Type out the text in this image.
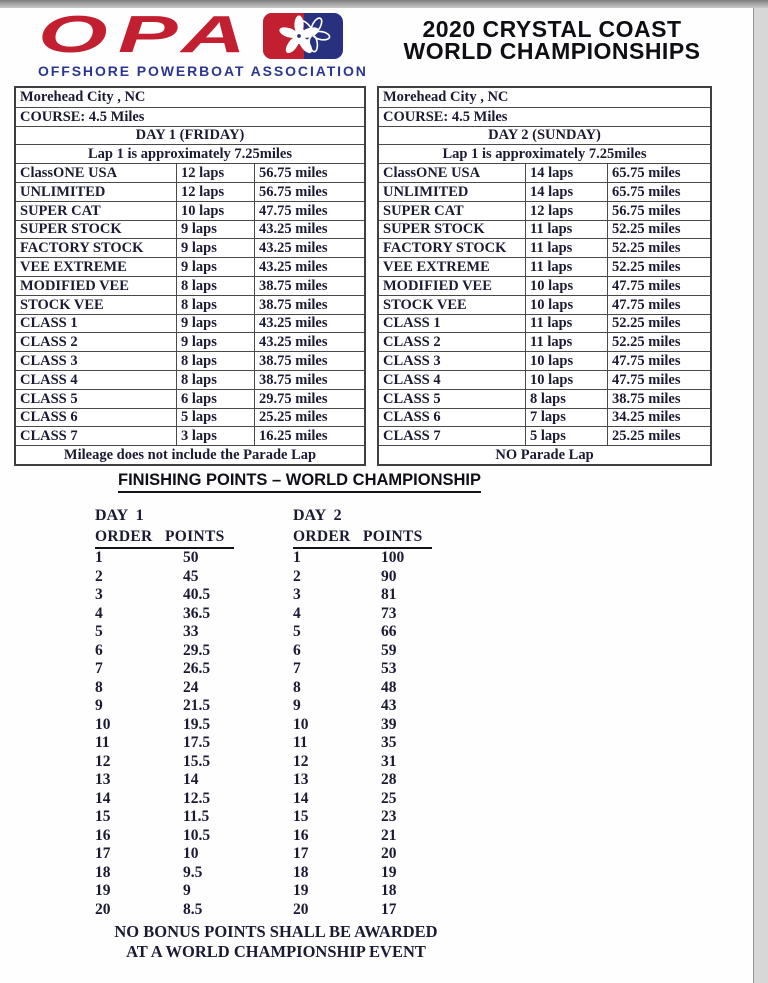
OPA
OFFSHORE POWERBOAT ASSOCIATION
2020 CRYSTAL COAST
WORLD CHAMPIONSHIPS
Morehead City , NC
COURSE: 4.5 Miles
DAY 1 (FRIDAY)
Lap 1 is approximately 7.25miles
ClassONE USA	12 laps	56.75 miles
UNLIMITED	12 laps	56.75 miles
SUPER CAT	10 laps	47.75 miles
SUPER STOCK	9 laps	43.25 miles
FACTORY STOCK	9 laps	43.25 miles
VEE EXTREME	9 laps	43.25 miles
MODIFIED VEE	8 laps	38.75 miles
STOCK VEE	8 laps	38.75 miles
CLASS 1	9 laps	43.25 miles
CLASS 2	9 laps	43.25 miles
CLASS 3	8 laps	38.75 miles
CLASS 4	8 laps	38.75 miles
CLASS 5	6 laps	29.75 miles
CLASS 6	5 laps	25.25 miles
CLASS 7	3 laps	16.25 miles
Mileage does not include the Parade Lap
Morehead City , NC
COURSE: 4.5 Miles
DAY 2 (SUNDAY)
Lap 1 is approximately 7.25miles
ClassONE USA	14 laps	65.75 miles
UNLIMITED	14 laps	65.75 miles
SUPER CAT	12 laps	56.75 miles
SUPER STOCK	11 laps	52.25 miles
FACTORY STOCK	11 laps	52.25 miles
VEE EXTREME	11 laps	52.25 miles
MODIFIED VEE	10 laps	47.75 miles
STOCK VEE	10 laps	47.75 miles
CLASS 1	11 laps	52.25 miles
CLASS 2	11 laps	52.25 miles
CLASS 3	10 laps	47.75 miles
CLASS 4	10 laps	47.75 miles
CLASS 5	8 laps	38.75 miles
CLASS 6	7 laps	34.25 miles
CLASS 7	5 laps	25.25 miles
NO Parade Lap
FINISHING POINTS – WORLD CHAMPIONSHIP
DAY  1
ORDER POINTS
1	50
2	45
3	40.5
4	36.5
5	33
6	29.5
7	26.5
8	24
9	21.5
10	19.5
11	17.5
12	15.5
13	14
14	12.5
15	11.5
16	10.5
17	10
18	9.5
19	9
20	8.5
DAY  2
ORDER POINTS
1	100
2	90
3	81
4	73
5	66
6	59
7	53
8	48
9	43
10	39
11	35
12	31
13	28
14	25
15	23
16	21
17	20
18	19
19	18
20	17
NO BONUS POINTS SHALL BE AWARDED
AT A WORLD CHAMPIONSHIP EVENT
